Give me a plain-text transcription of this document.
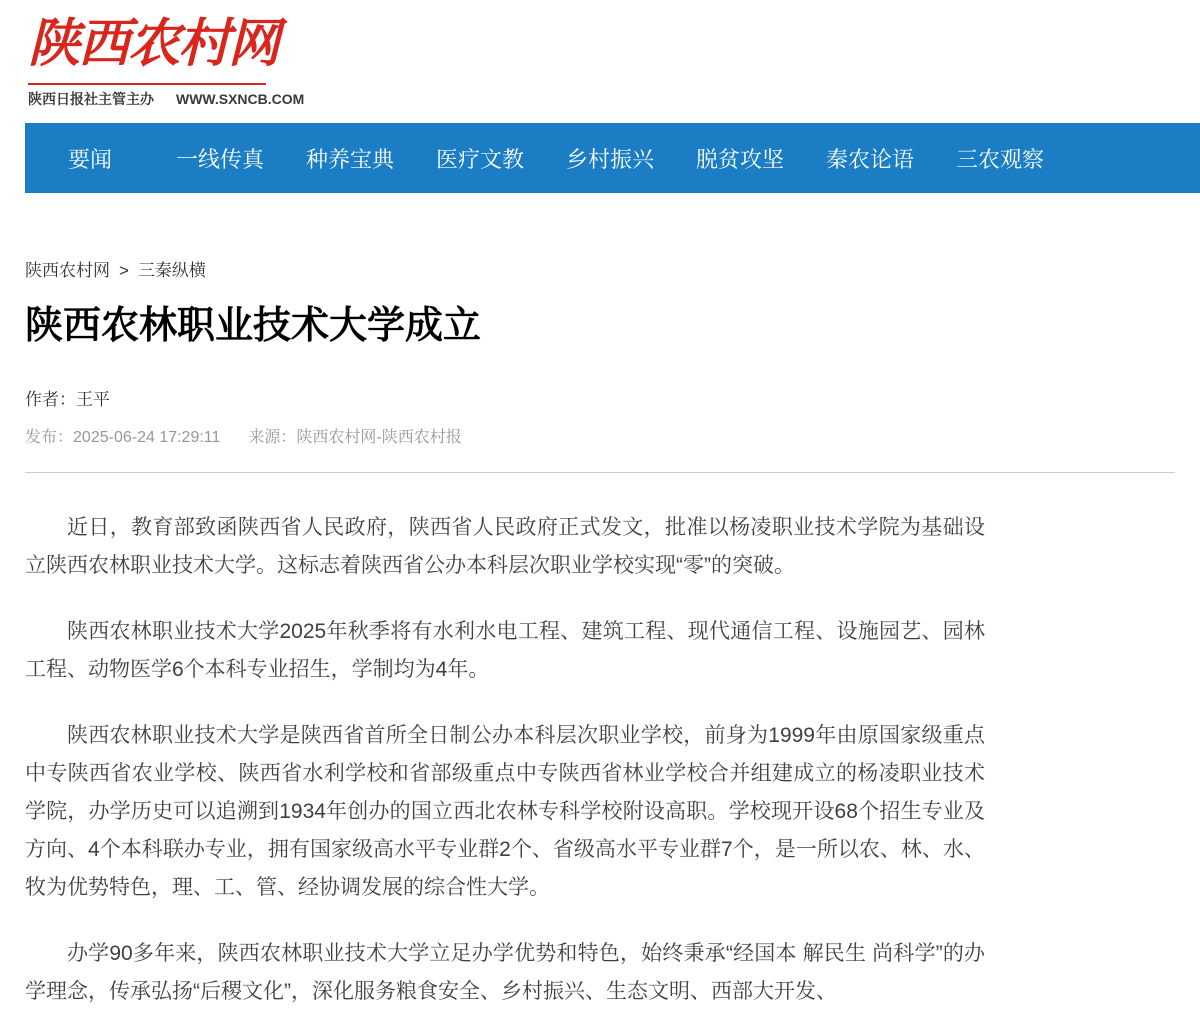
陕西农村网
陕西日报社主管主办 WWW.SXNCB.COM
要闻	一线传真	种养宝典	医疗文教	乡村振兴	脱贫攻坚	秦农论语	三农观察
陕西农村网 > 三秦纵横
陕西农林职业技术大学成立
作者：王平
发布：2025-06-24 17:29:11 来源：陕西农村网-陕西农村报

近日，教育部致函陕西省人民政府，陕西省人民政府正式发文，批准以杨凌职业技术学院为基础设立陕西农林职业技术大学。这标志着陕西省公办本科层次职业学校实现“零”的突破。

陕西农林职业技术大学2025年秋季将有水利水电工程、建筑工程、现代通信工程、设施园艺、园林工程、动物医学6个本科专业招生，学制均为4年。

陕西农林职业技术大学是陕西省首所全日制公办本科层次职业学校，前身为1999年由原国家级重点中专陕西省农业学校、陕西省水利学校和省部级重点中专陕西省林业学校合并组建成立的杨凌职业技术学院，办学历史可以追溯到1934年创办的国立西北农林专科学校附设高职。学校现开设68个招生专业及方向、4个本科联办专业，拥有国家级高水平专业群2个、省级高水平专业群7个，是一所以农、林、水、牧为优势特色，理、工、管、经协调发展的综合性大学。

办学90多年来，陕西农林职业技术大学立足办学优势和特色，始终秉承“经国本 解民生 尚科学”的办学理念，传承弘扬“后稷文化”，深化服务粮食安全、乡村振兴、生态文明、西部大开发、
